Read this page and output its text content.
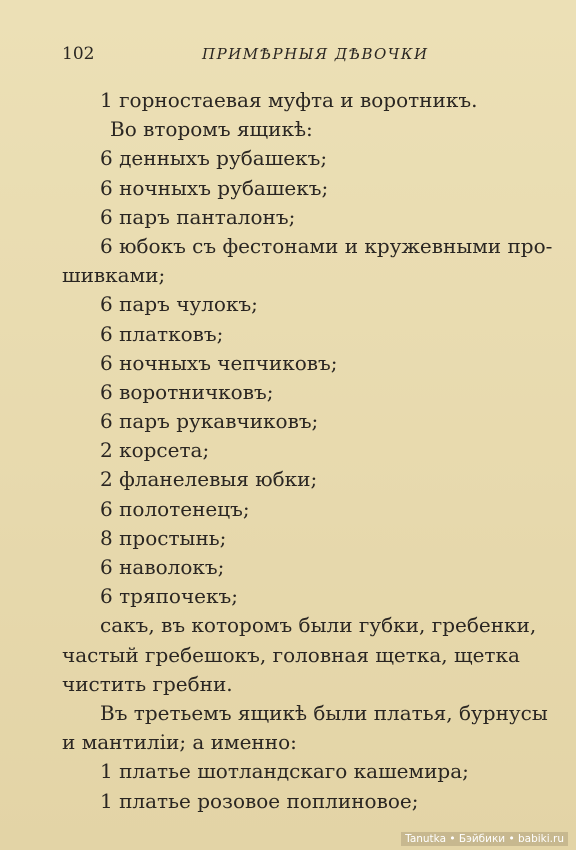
102	ПРИМѢРНЫЯ ДѢВОЧКИ
1 горностаевая муфта и воротникъ.
Во второмъ ящикѣ:
6 денныхъ рубашекъ;
6 ночныхъ рубашекъ;
6 паръ панталонъ;
6 юбокъ съ фестонами и кружевными про-
шивками;
6 паръ чулокъ;
6 платковъ;
6 ночныхъ чепчиковъ;
6 воротничковъ;
6 паръ рукавчиковъ;
2 корсета;
2 фланелевыя юбки;
6 полотенецъ;
8 простынь;
6 наволокъ;
6 тряпочекъ;
сакъ, въ которомъ были губки, гребенки,
частый гребешокъ, головная щетка, щетка
чистить гребни.
Въ третьемъ ящикѣ были платья, бурнусы
и мантилiи; а именно:
1 платье шотландскаго кашемира;
1 платье розовое поплиновое;
Tanutka • Бэйбики • babiki.ru
